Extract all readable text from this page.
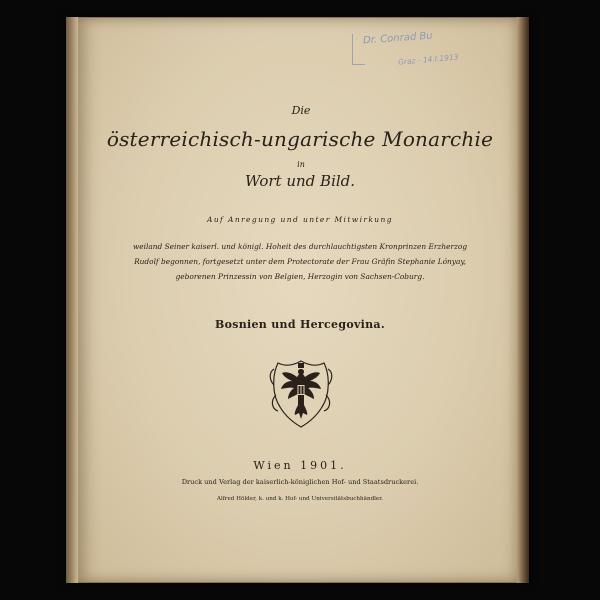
Dr. Conrad Bu
Graz - 14.I.1913
Die
österreichisch-ungarische Monarchie
in
Wort und Bild.
Auf Anregung und unter Mitwirkung
weiland Seiner kaiserl. und königl. Hoheit des durchlauchtigsten Kronprinzen Erzherzog
Rudolf begonnen, fortgesetzt unter dem Protectorate der Frau Gräfin Stephanie Lónyay,
geborenen Prinzessin von Belgien, Herzogin von Sachsen-Coburg.
Bosnien und Hercegovina.
Wien 1901.
Druck und Verlag der kaiserlich-königlichen Hof- und Staatsdruckerei.
Alfred Hölder, k. und k. Hof- und Universitätsbuchhändler.
